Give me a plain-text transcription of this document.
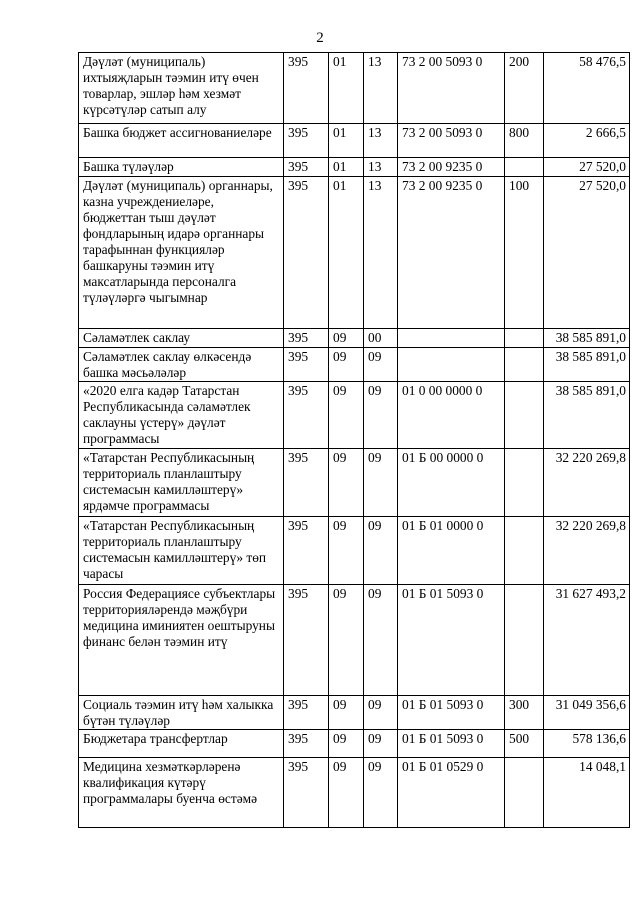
2
Дәүләт (муниципаль) ихтыяҗларын тәэмин итү өчен товарлар, эшләр һәм хезмәт күрсәтүләр сатып алу	395	01	13	73 2 00 5093 0	200	58 476,5
Башка бюджет ассигнованиеләре	395	01	13	73 2 00 5093 0	800	2 666,5
Башка түләүләр	395	01	13	73 2 00 9235 0		27 520,0
Дәүләт (муниципаль) органнары, казна учреждениеләре, бюджеттан тыш дәүләт фондларының идарә органнары тарафыннан функцияләр башкаруны тәэмин итү максатларында персоналга түләүләргә чыгымнар	395	01	13	73 2 00 9235 0	100	27 520,0
Сәламәтлек саклау	395	09	00			38 585 891,0
Сәламәтлек саклау өлкәсендә башка мәсьәләләр	395	09	09			38 585 891,0
«2020 елга кадәр Татарстан Республикасында сәламәтлек саклауны үстерү» дәүләт программасы	395	09	09	01 0 00 0000 0		38 585 891,0
«Татарстан Республикасының территориаль планлаштыру системасын камилләштерү» ярдәмче программасы	395	09	09	01 Б 00 0000 0		32 220 269,8
«Татарстан Республикасының территориаль планлаштыру системасын камилләштерү» төп чарасы	395	09	09	01 Б 01 0000 0		32 220 269,8
Россия Федерациясе субъектлары территорияләрендә мәҗбүри медицина иминиятен оештыруны финанс белән тәэмин итү	395	09	09	01 Б 01 5093 0		31 627 493,2
Социаль тәэмин итү һәм халыкка бүтән түләүләр	395	09	09	01 Б 01 5093 0	300	31 049 356,6
Бюджетара трансфертлар	395	09	09	01 Б 01 5093 0	500	578 136,6
Медицина хезмәткәрләренә квалификация күтәрү программалары буенча өстәмә	395	09	09	01 Б 01 0529 0		14 048,1
